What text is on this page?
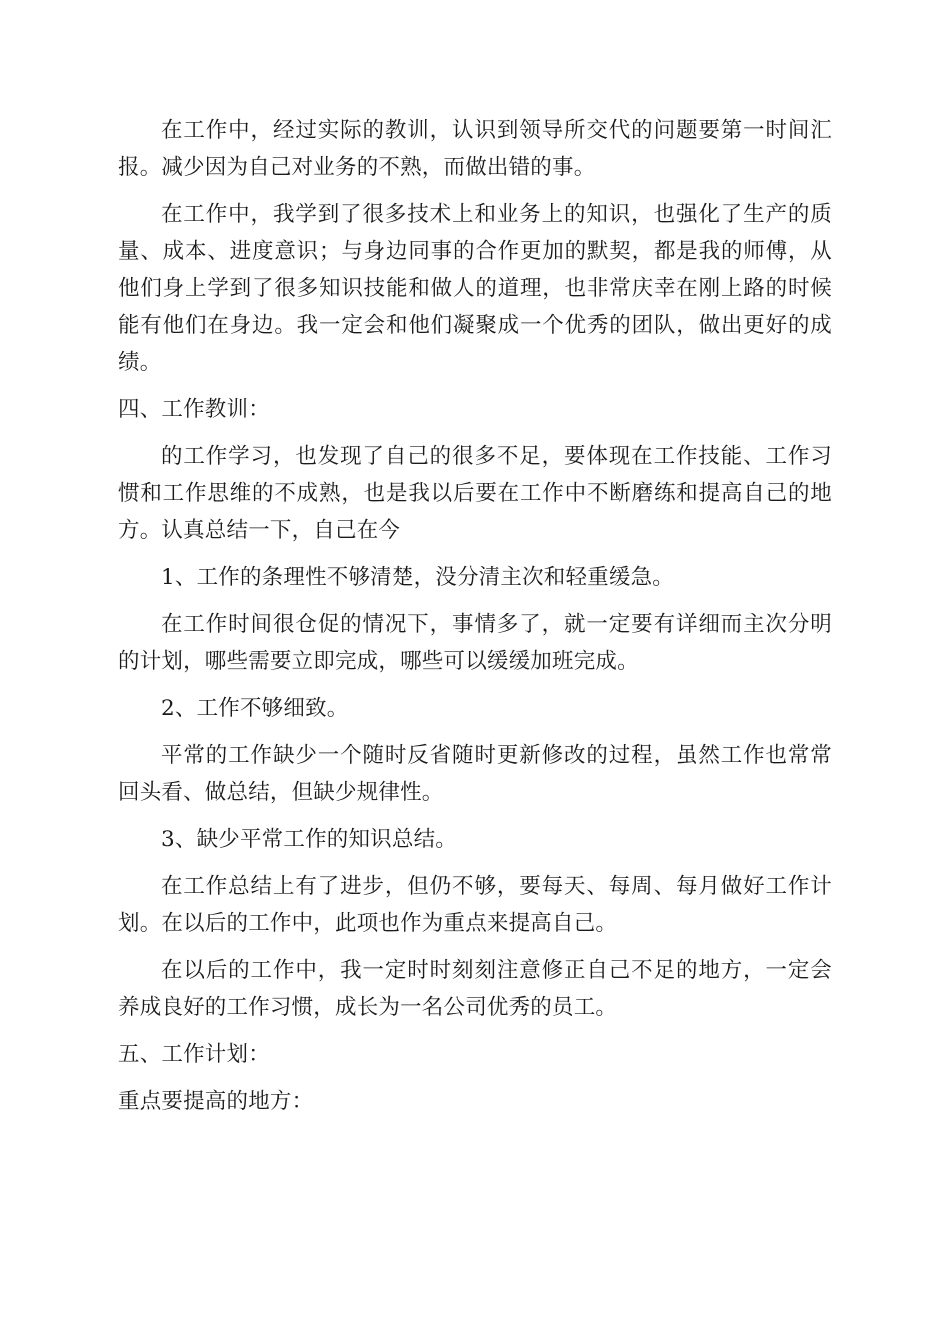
在工作中，经过实际的教训，认识到领导所交代的问题要第一时间汇报。减少因为自己对业务的不熟，而做出错的事。

在工作中，我学到了很多技术上和业务上的知识，也强化了生产的质量、成本、进度意识；与身边同事的合作更加的默契，都是我的师傅，从他们身上学到了很多知识技能和做人的道理，也非常庆幸在刚上路的时候能有他们在身边。我一定会和他们凝聚成一个优秀的团队，做出更好的成绩。

四、工作教训：

的工作学习，也发现了自己的很多不足，要体现在工作技能、工作习惯和工作思维的不成熟，也是我以后要在工作中不断磨练和提高自己的地方。认真总结一下，自己在今

1、工作的条理性不够清楚，没分清主次和轻重缓急。

在工作时间很仓促的情况下，事情多了，就一定要有详细而主次分明的计划，哪些需要立即完成，哪些可以缓缓加班完成。

2、工作不够细致。

平常的工作缺少一个随时反省随时更新修改的过程，虽然工作也常常回头看、做总结，但缺少规律性。

3、缺少平常工作的知识总结。

在工作总结上有了进步，但仍不够，要每天、每周、每月做好工作计划。在以后的工作中，此项也作为重点来提高自己。

在以后的工作中，我一定时时刻刻注意修正自己不足的地方，一定会养成良好的工作习惯，成长为一名公司优秀的员工。

五、工作计划：

重点要提高的地方：
